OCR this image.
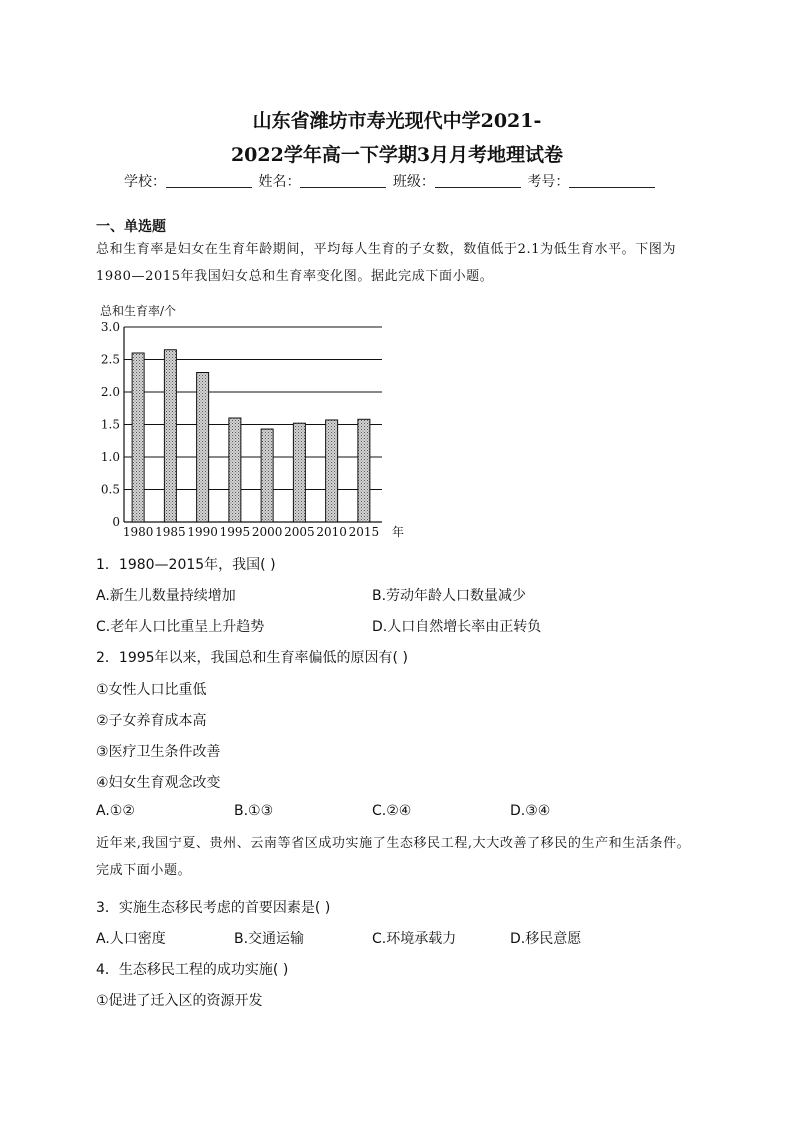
山东省潍坊市寿光现代中学2021-
2022学年高一下学期3月月考地理试卷
学校：	姓名：	班级：	考号：
一、单选题
总和生育率是妇女在生育年龄期间，平均每人生育的子女数，数值低于2.1为低生育水平。下图为1980—2015年我国妇女总和生育率变化图。据此完成下面小题。
总和生育率/个
0
0.5
1.0
1.5
2.0
2.5
3.0
1980 1985 1990 1995 2000 2005 2010 2015 年
1．1980—2015年，我国( )
A.新生儿数量持续增加	B.劳动年龄人口数量减少
C.老年人口比重呈上升趋势	D.人口自然增长率由正转负
2．1995年以来，我国总和生育率偏低的原因有( )
①女性人口比重低
②子女养育成本高
③医疗卫生条件改善
④妇女生育观念改变
A.①②	B.①③	C.②④	D.③④
近年来,我国宁夏、贵州、云南等省区成功实施了生态移民工程,大大改善了移民的生产和生活条件。完成下面小题。
3．实施生态移民考虑的首要因素是( )
A.人口密度	B.交通运输	C.环境承载力	D.移民意愿
4．生态移民工程的成功实施( )
①促进了迁入区的资源开发
